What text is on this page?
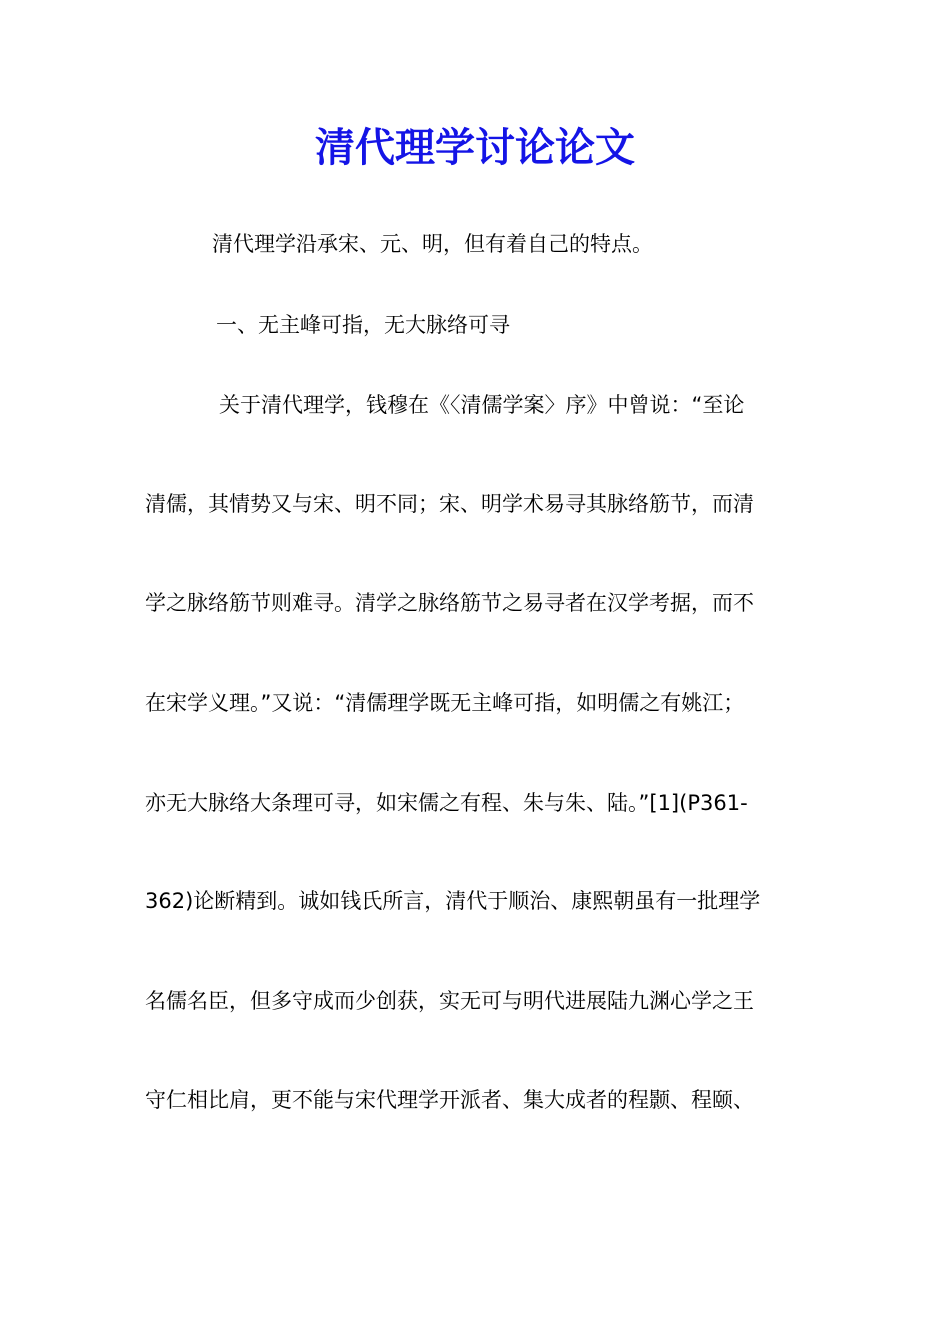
清代理学讨论论文
清代理学沿承宋、元、明，但有着自己的特点。
一、无主峰可指，无大脉络可寻
关于清代理学，钱穆在《〈清儒学案〉序》中曾说：“至论
清儒，其情势又与宋、明不同；宋、明学术易寻其脉络筋节，而清
学之脉络筋节则难寻。清学之脉络筋节之易寻者在汉学考据，而不
在宋学义理。”又说：“清儒理学既无主峰可指，如明儒之有姚江；
亦无大脉络大条理可寻，如宋儒之有程、朱与朱、陆。”[1](P361-
362)论断精到。诚如钱氏所言，清代于顺治、康熙朝虽有一批理学
名儒名臣，但多守成而少创获，实无可与明代进展陆九渊心学之王
守仁相比肩，更不能与宋代理学开派者、集大成者的程颢、程颐、
